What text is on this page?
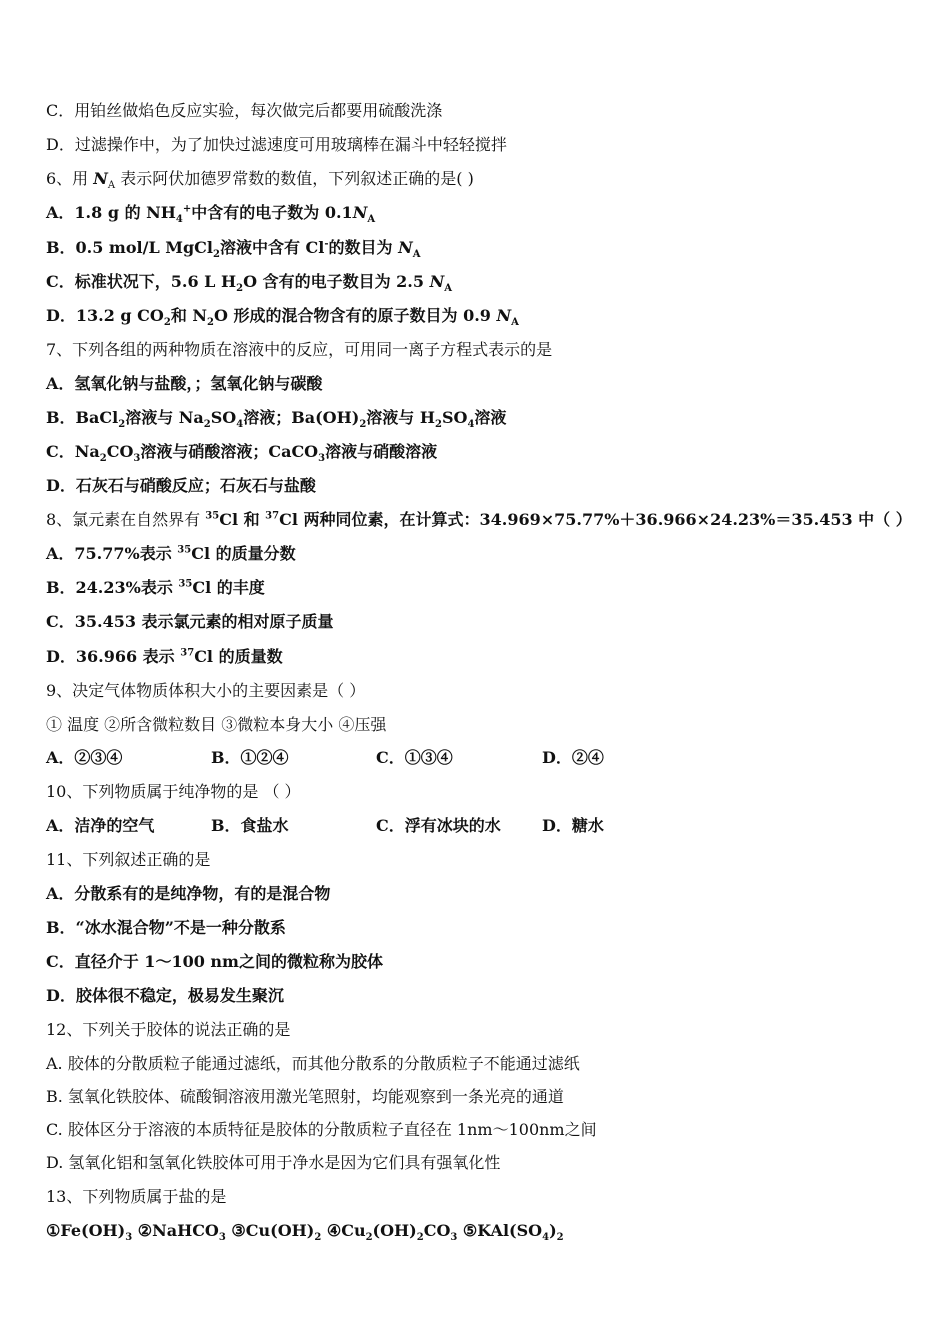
C．用铂丝做焰色反应实验，每次做完后都要用硫酸洗涤
D．过滤操作中，为了加快过滤速度可用玻璃棒在漏斗中轻轻搅拌
6、用 $N_A$ 表示阿伏加德罗常数的数值，下列叙述正确的是( )
A．1.8 g 的 $NH_4^+$中含有的电子数为 $0.1N_A$
B．0.5 mol/L MgCl$_2$溶液中含有 Cl-的数目为 $N_A$
C．标准状况下，5.6 L $H_2O$ 含有的电子数目为 2.5 $N_A$
D．13.2 g $CO_2$和 $N_2O$ 形成的混合物含有的原子数目为 0.9 $N_A$
7、下列各组的两种物质在溶液中的反应，可用同一离子方程式表示的是
A．氢氧化钠与盐酸，；氢氧化钠与碳酸
B．BaCl$_2$溶液与 $Na_2SO_4$溶液；$Ba(OH)_2$溶液与 $H_2SO_4$溶液
C．$Na_2CO_3$溶液与硝酸溶液；CaCO$_3$溶液与硝酸溶液
D．石灰石与硝酸反应；石灰石与盐酸
8、氯元素在自然界有 $^{35}$Cl 和 $^{37}$Cl 两种同位素，在计算式：34.969×75.77%＋36.966×24.23%＝35.453 中（ ）
A．75.77%表示 $^{35}$Cl 的质量分数
B．24.23%表示 $^{35}$Cl 的丰度
C．35.453 表示氯元素的相对原子质量
D．36.966 表示 $^{37}$Cl 的质量数
9、决定气体物质体积大小的主要因素是（ ）
① 温度 ②所含微粒数目 ③微粒本身大小 ④压强
A．②③④	B．①②④	C．①③④	D．②④
10、下列物质属于纯净物的是 （ ）
A．洁净的空气	B．食盐水	C．浮有冰块的水	D．糖水
11、下列叙述正确的是
A．分散系有的是纯净物，有的是混合物
B．“冰水混合物”不是一种分散系
C．直径介于 1～100 nm之间的微粒称为胶体
D．胶体很不稳定，极易发生聚沉
12、下列关于胶体的说法正确的是
A. 胶体的分散质粒子能通过滤纸，而其他分散系的分散质粒子不能通过滤纸
B. 氢氧化铁胶体、硫酸铜溶液用激光笔照射，均能观察到一条光亮的通道
C. 胶体区分于溶液的本质特征是胶体的分散质粒子直径在 1nm～100nm之间
D. 氢氧化铝和氢氧化铁胶体可用于净水是因为它们具有强氧化性
13、下列物质属于盐的是
$①Fe(OH)_3$ ②NaHCO$_3$ $③Cu(OH)_2$ $④Cu_2(OH)_2CO_3$ $⑤KAl(SO_4)_2$
